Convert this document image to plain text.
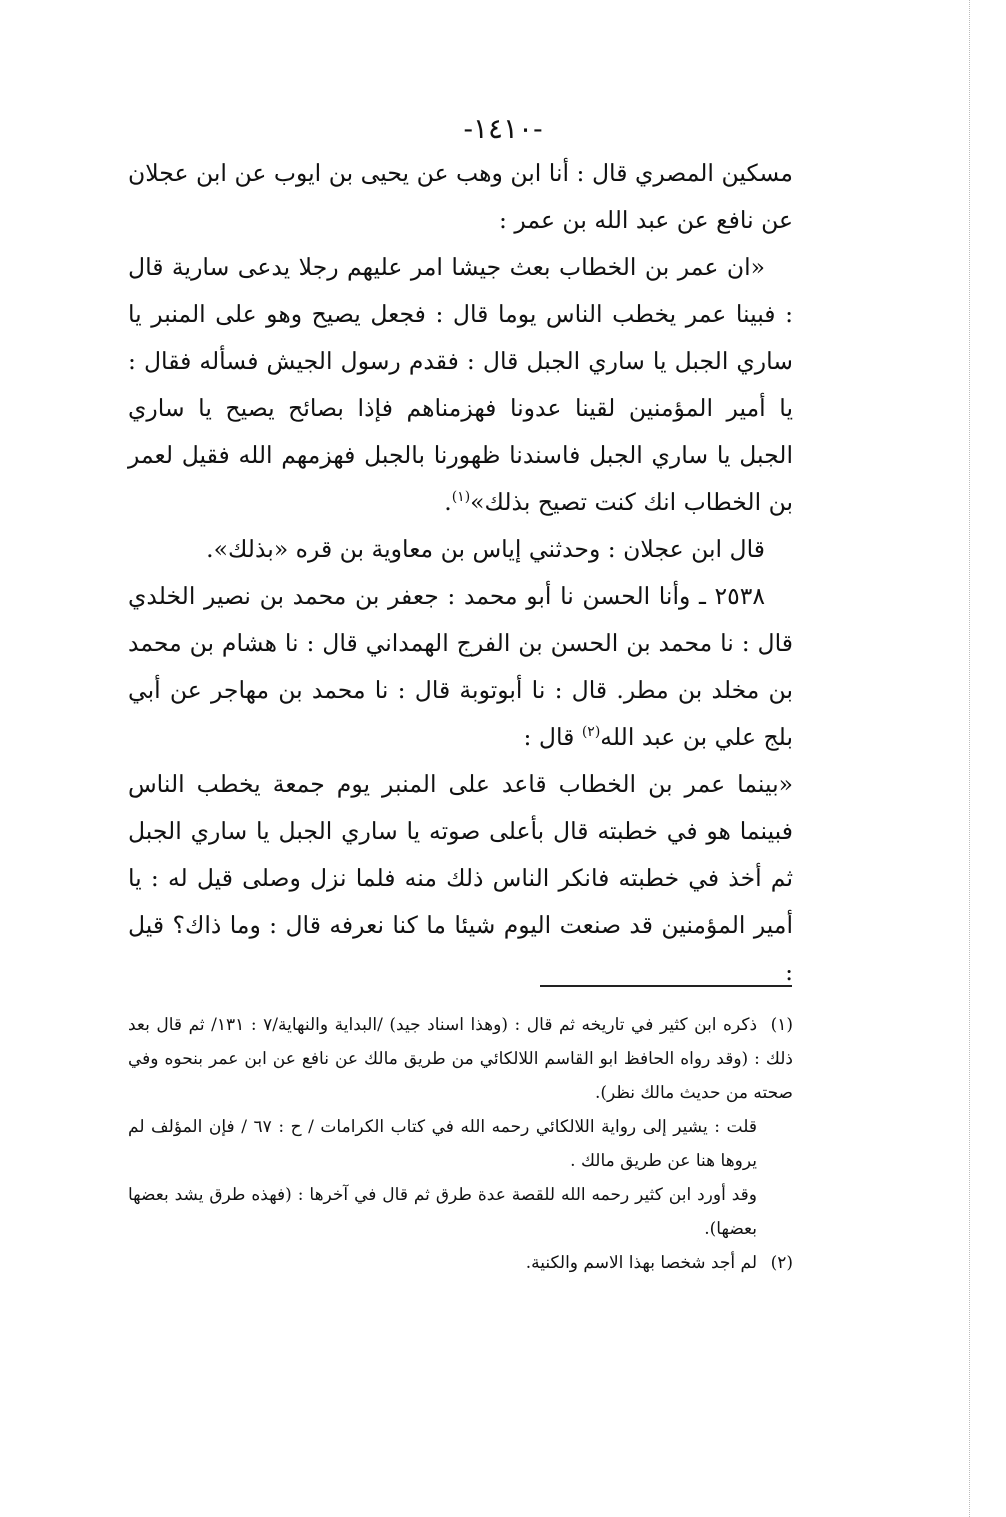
-١٤١٠-

مسكين المصري قال : أنا ابن وهب عن يحيى بن ايوب عن ابن عجلان عن نافع عن عبد الله بن عمر :

«ان عمر بن الخطاب بعث جيشا امر عليهم رجلا يدعى سارية قال : فبينا عمر يخطب الناس يوما قال : فجعل يصيح وهو على المنبر يا ساري الجبل يا ساري الجبل قال : فقدم رسول الجيش فسأله فقال : يا أمير المؤمنين لقينا عدونا فهزمناهم فإذا بصائح يصيح يا ساري الجبل يا ساري الجبل فاسندنا ظهورنا بالجبل فهزمهم الله فقيل لعمر بن الخطاب انك كنت تصيح بذلك»$^{(١)}$.

قال ابن عجلان : وحدثني إياس بن معاوية بن قره «بذلك».

٢٥٣٨ ـ وأنا الحسن نا أبو محمد : جعفر بن محمد بن نصير الخلدي قال : نا محمد بن الحسن بن الفرج الهمداني قال : نا هشام بن محمد بن مخلد بن مطر. قال : نا أبوتوبة قال : نا محمد بن مهاجر عن أبي بلج علي بن عبد الله$^{(٢)}$ قال :

«بينما عمر بن الخطاب قاعد على المنبر يوم جمعة يخطب الناس فبينما هو في خطبته قال بأعلى صوته يا ساري الجبل يا ساري الجبل ثم أخذ في خطبته فانكر الناس ذلك منه فلما نزل وصلى قيل له : يا أمير المؤمنين قد صنعت اليوم شيئا ما كنا نعرفه قال : وما ذاك؟ قيل :

(١)ذكره ابن كثير في تاريخه ثم قال : (وهذا اسناد جيد) /البداية والنهاية/٧ : ١٣١/ ثم قال بعد ذلك : (وقد رواه الحافظ ابو القاسم اللالكائي من طريق مالك عن نافع عن ابن عمر بنحوه وفي صحته من حديث مالك نظر).

قلت : يشير إلى رواية اللالكائي رحمه الله في كتاب الكرامات / ح : ٦٧ / فإن المؤلف لم يروها هنا عن طريق مالك .

وقد أورد ابن كثير رحمه الله للقصة عدة طرق ثم قال في آخرها : (فهذه طرق يشد بعضها بعضها).

(٢)لم أجد شخصا بهذا الاسم والكنية.
